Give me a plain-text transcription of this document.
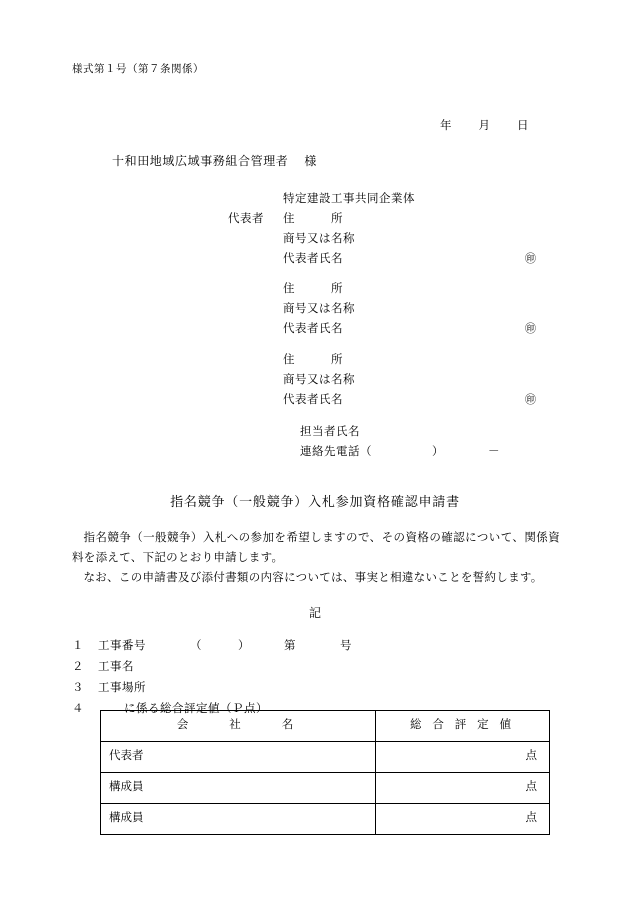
様式第１号（第７条関係）
年 月 日
十和田地域広域事務組合管理者 様
特定建設工事共同企業体
代表者 住　　　所
商号又は名称
代表者氏名	㊞
住　　　所
商号又は名称
代表者氏名	㊞
住　　　所
商号又は名称
代表者氏名	㊞
担当者氏名
連絡先電話（	）	－
指名競争（一般競争）入札参加資格確認申請書

指名競争（一般競争）入札への参加を希望しますので、その資格の確認について、関係資料を添えて、下記のとおり申請します。

なお、この申請書及び添付書類の内容については、事実と相違ないことを誓約します。

記
１ 工事番号	（	）	第	号
２ 工事名
３ 工事場所
４	に係る総合評定値（Ｐ点）
会　　社　　名	総 合 評 定 値
代表者	点
構成員	点
構成員	点
